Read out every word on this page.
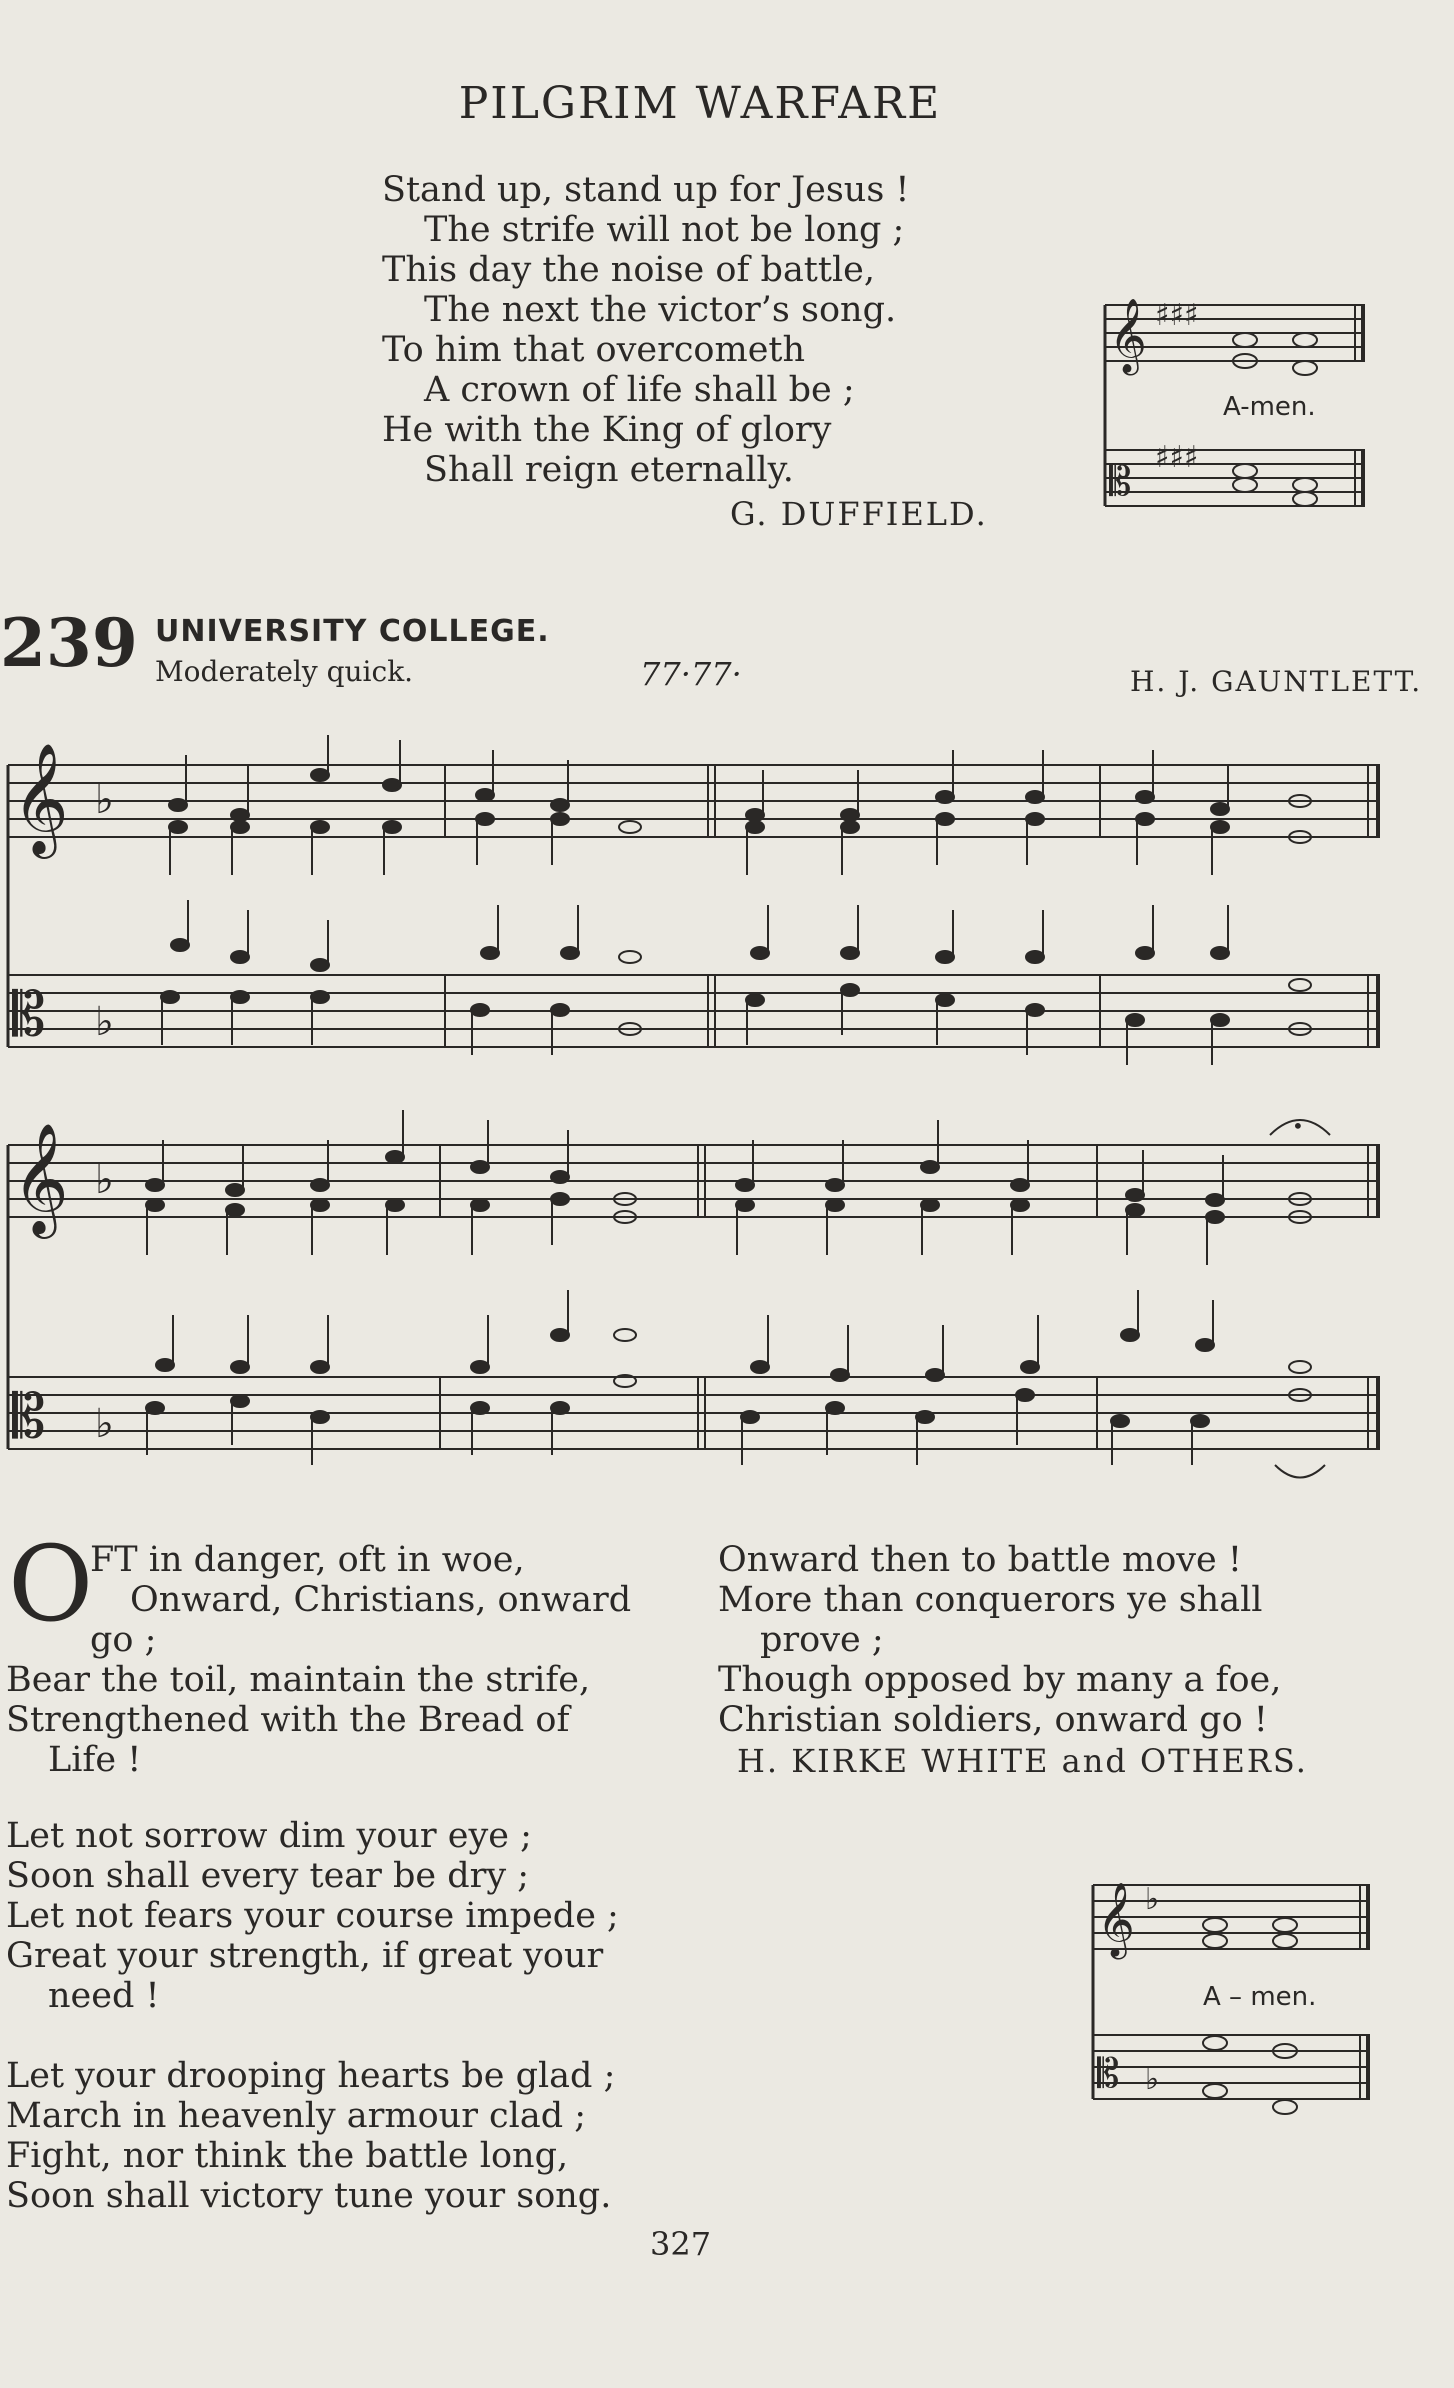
PILGRIM WARFARE
Stand up, stand up for Jesus !
The strife will not be long ;
This day the noise of battle,
The next the victor’s song.
To him that overcometh
A crown of life shall be ;
He with the King of glory
Shall reign eternally.
G. DUFFIELD.
𝄞
𝄡
♯♯♯
♯♯♯
A-men.
239 UNIVERSITY COLLEGE.
Moderately quick.	77·77·	H. J. GAUNTLETT.
𝄞
𝄡
♭
♭
𝄞
𝄡
♭
♭
•
O
FT in danger, oft in woe,
Onward, Christians, onward
go ;
Bear the toil, maintain the strife,
Strengthened with the Bread of
Life !
Let not sorrow dim your eye ;
Soon shall every tear be dry ;
Let not fears your course impede ;
Great your strength, if great your
need !
Let your drooping hearts be glad ;
March in heavenly armour clad ;
Fight, nor think the battle long,
Soon shall victory tune your song.
Onward then to battle move !
More than conquerors ye shall
prove ;
Though opposed by many a foe,
Christian soldiers, onward go !
H. KIRKE WHITE and OTHERS.
𝄞
𝄡
♭
♭
A – men.
327
